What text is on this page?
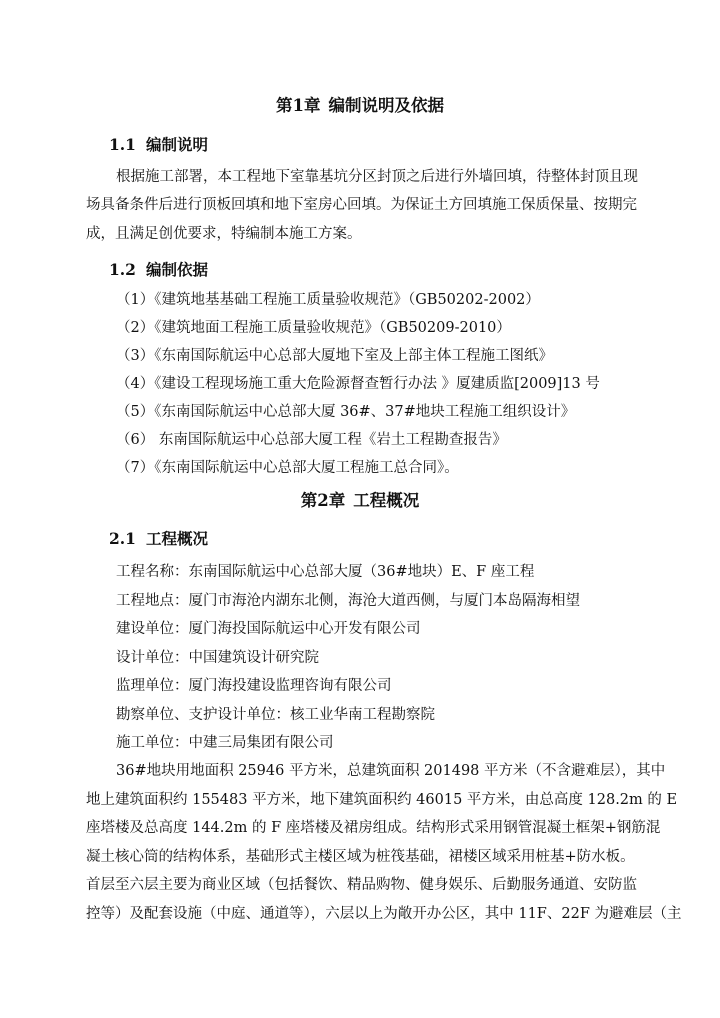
第1章 编制说明及依据
1.1 编制说明
根据施工部署，本工程地下室靠基坑分区封顶之后进行外墙回填，待整体封顶且现
场具备条件后进行顶板回填和地下室房心回填。为保证土方回填施工保质保量、按期完
成，且满足创优要求，特编制本施工方案。
1.2 编制依据
（1）《建筑地基基础工程施工质量验收规范》（GB50202-2002）
（2）《建筑地面工程施工质量验收规范》（GB50209-2010）
（3）《东南国际航运中心总部大厦地下室及上部主体工程施工图纸》
（4）《建设工程现场施工重大危险源督查暂行办法 》厦建质监[2009]13 号
（5）《东南国际航运中心总部大厦 36#、37#地块工程施工组织设计》
（6） 东南国际航运中心总部大厦工程《岩土工程勘查报告》
（7）《东南国际航运中心总部大厦工程施工总合同》。
第2章 工程概况
2.1 工程概况
工程名称：东南国际航运中心总部大厦（36#地块）E、F 座工程
工程地点：厦门市海沧内湖东北侧，海沧大道西侧，与厦门本岛隔海相望
建设单位：厦门海投国际航运中心开发有限公司
设计单位：中国建筑设计研究院
监理单位：厦门海投建设监理咨询有限公司
勘察单位、支护设计单位：核工业华南工程勘察院
施工单位：中建三局集团有限公司
36#地块用地面积 25946 平方米，总建筑面积 201498 平方米（不含避难层），其中
地上建筑面积约 155483 平方米，地下建筑面积约 46015 平方米，由总高度 128.2m 的 E
座塔楼及总高度 144.2m 的 F 座塔楼及裙房组成。结构形式采用钢管混凝土框架+钢筋混
凝土核心筒的结构体系，基础形式主楼区域为桩筏基础，裙楼区域采用桩基+防水板。
首层至六层主要为商业区域（包括餐饮、精品购物、健身娱乐、后勤服务通道、安防监
控等）及配套设施（中庭、通道等），六层以上为敞开办公区，其中 11F、22F 为避难层（主
